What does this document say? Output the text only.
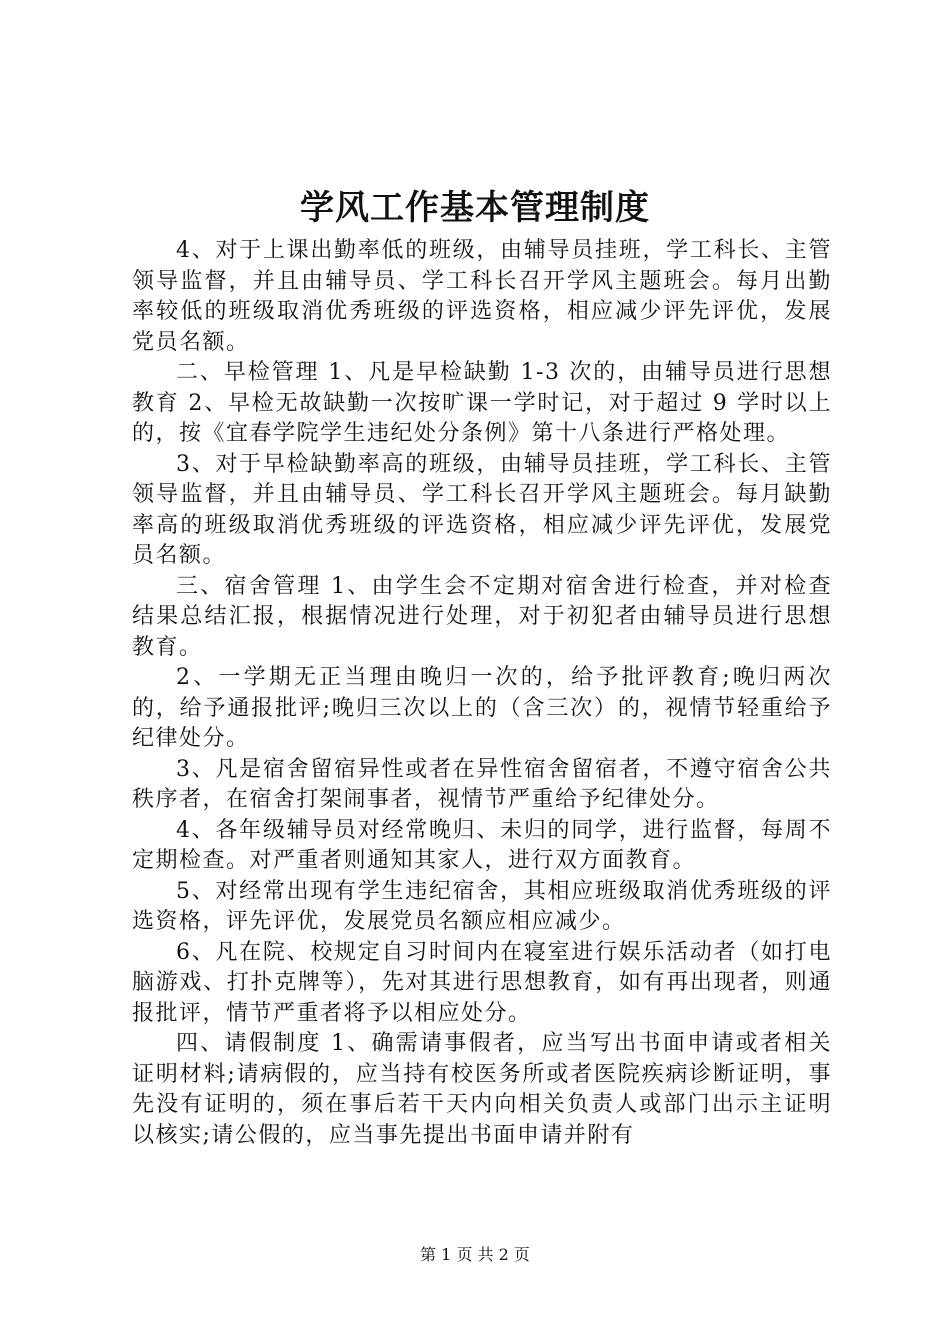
学风工作基本管理制度

4、对于上课出勤率低的班级，由辅导员挂班，学工科长、主管领导监督，并且由辅导员、学工科长召开学风主题班会。每月出勤率较低的班级取消优秀班级的评选资格，相应减少评先评优，发展党员名额。

二、早检管理 1、凡是早检缺勤 1-3 次的，由辅导员进行思想教育 2、早检无故缺勤一次按旷课一学时记，对于超过 9 学时以上的，按《宜春学院学生违纪处分条例》第十八条进行严格处理。

3、对于早检缺勤率高的班级，由辅导员挂班，学工科长、主管领导监督，并且由辅导员、学工科长召开学风主题班会。每月缺勤率高的班级取消优秀班级的评选资格，相应减少评先评优，发展党员名额。

三、宿舍管理 1、由学生会不定期对宿舍进行检查，并对检查结果总结汇报，根据情况进行处理，对于初犯者由辅导员进行思想教育。

2、一学期无正当理由晚归一次的，给予批评教育;晚归两次的，给予通报批评;晚归三次以上的（含三次）的，视情节轻重给予纪律处分。

3、凡是宿舍留宿异性或者在异性宿舍留宿者，不遵守宿舍公共秩序者，在宿舍打架闹事者，视情节严重给予纪律处分。

4、各年级辅导员对经常晚归、未归的同学，进行监督，每周不定期检查。对严重者则通知其家人，进行双方面教育。

5、对经常出现有学生违纪宿舍，其相应班级取消优秀班级的评选资格，评先评优，发展党员名额应相应减少。

6、凡在院、校规定自习时间内在寝室进行娱乐活动者（如打电脑游戏、打扑克牌等），先对其进行思想教育，如有再出现者，则通报批评，情节严重者将予以相应处分。

四、请假制度 1、确需请事假者，应当写出书面申请或者相关证明材料;请病假的，应当持有校医务所或者医院疾病诊断证明，事先没有证明的，须在事后若干天内向相关负责人或部门出示主证明以核实;请公假的，应当事先提出书面申请并附有

第 1 页 共 2 页
